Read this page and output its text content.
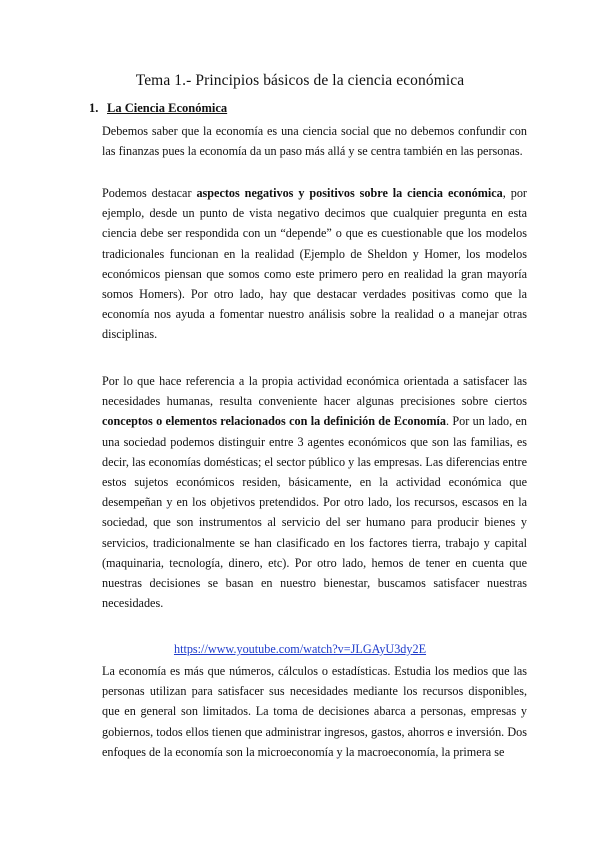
Tema 1.- Principios básicos de la ciencia económica
1. La Ciencia Económica
Debemos saber que la economía es una ciencia social que no debemos confundir con las finanzas pues la economía da un paso más allá y se centra también en las personas.
Podemos destacar aspectos negativos y positivos sobre la ciencia económica, por ejemplo, desde un punto de vista negativo decimos que cualquier pregunta en esta ciencia debe ser respondida con un “depende” o que es cuestionable que los modelos tradicionales funcionan en la realidad (Ejemplo de Sheldon y Homer, los modelos económicos piensan que somos como este primero pero en realidad la gran mayoría somos Homers). Por otro lado, hay que destacar verdades positivas como que la economía nos ayuda a fomentar nuestro análisis sobre la realidad o a manejar otras disciplinas.
Por lo que hace referencia a la propia actividad económica orientada a satisfacer las necesidades humanas, resulta conveniente hacer algunas precisiones sobre ciertos conceptos o elementos relacionados con la definición de Economía. Por un lado, en una sociedad podemos distinguir entre 3 agentes económicos que son las familias, es decir, las economías domésticas; el sector público y las empresas. Las diferencias entre estos sujetos económicos residen, básicamente, en la actividad económica que desempeñan y en los objetivos pretendidos. Por otro lado, los recursos, escasos en la sociedad, que son instrumentos al servicio del ser humano para producir bienes y servicios, tradicionalmente se han clasificado en los factores tierra, trabajo y capital (maquinaria, tecnología, dinero, etc). Por otro lado, hemos de tener en cuenta que nuestras decisiones se basan en nuestro bienestar, buscamos satisfacer nuestras necesidades.
https://www.youtube.com/watch?v=JLGAyU3dy2E
La economía es más que números, cálculos o estadísticas. Estudia los medios que las personas utilizan para satisfacer sus necesidades mediante los recursos disponibles, que en general son limitados. La toma de decisiones abarca a personas, empresas y gobiernos, todos ellos tienen que administrar ingresos, gastos, ahorros e inversión. Dos enfoques de la economía son la microeconomía y la macroeconomía, la primera se
